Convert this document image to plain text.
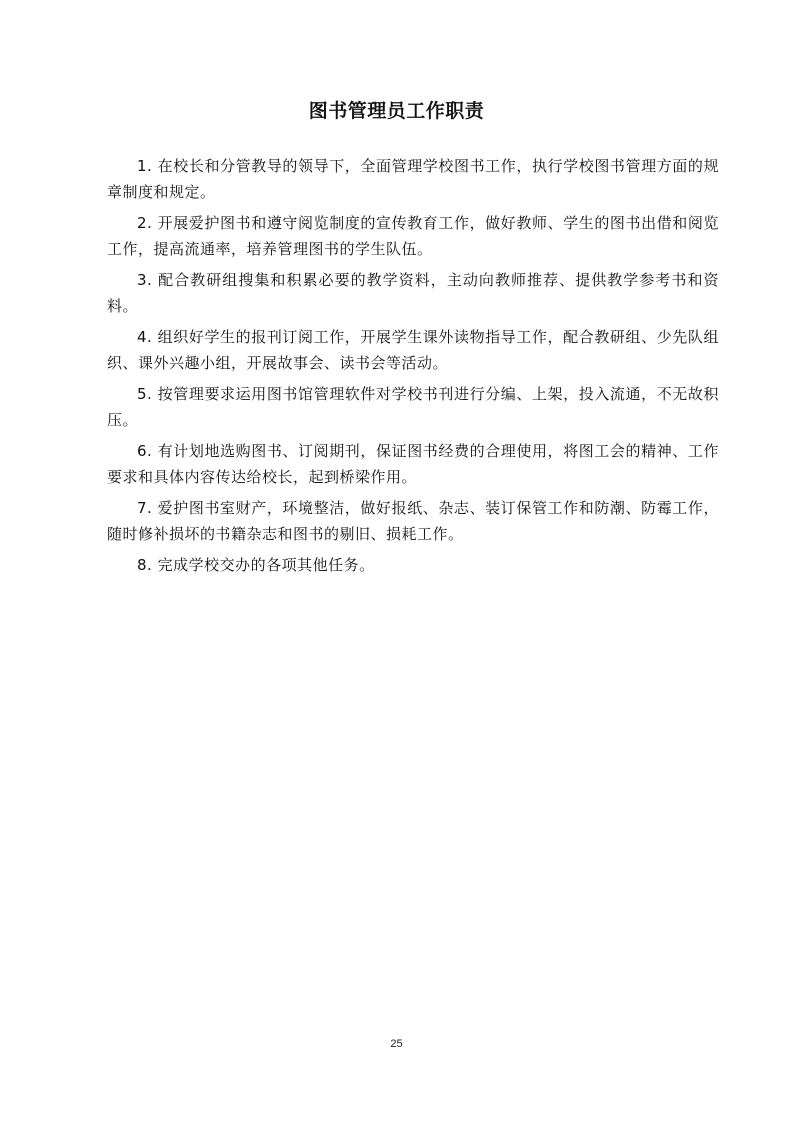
图书管理员工作职责
1. 在校长和分管教导的领导下，全面管理学校图书工作，执行学校图书管理方面的规章制度和规定。
2. 开展爱护图书和遵守阅览制度的宣传教育工作，做好教师、学生的图书出借和阅览工作，提高流通率，培养管理图书的学生队伍。
3. 配合教研组搜集和积累必要的教学资料，主动向教师推荐、提供教学参考书和资料。
4. 组织好学生的报刊订阅工作，开展学生课外读物指导工作，配合教研组、少先队组织、课外兴趣小组，开展故事会、读书会等活动。
5. 按管理要求运用图书馆管理软件对学校书刊进行分编、上架，投入流通，不无故积压。
6. 有计划地选购图书、订阅期刊，保证图书经费的合理使用，将图工会的精神、工作要求和具体内容传达给校长，起到桥梁作用。
7. 爱护图书室财产，环境整洁，做好报纸、杂志、装订保管工作和防潮、防霉工作，随时修补损坏的书籍杂志和图书的剔旧、损耗工作。
8. 完成学校交办的各项其他任务。
25
